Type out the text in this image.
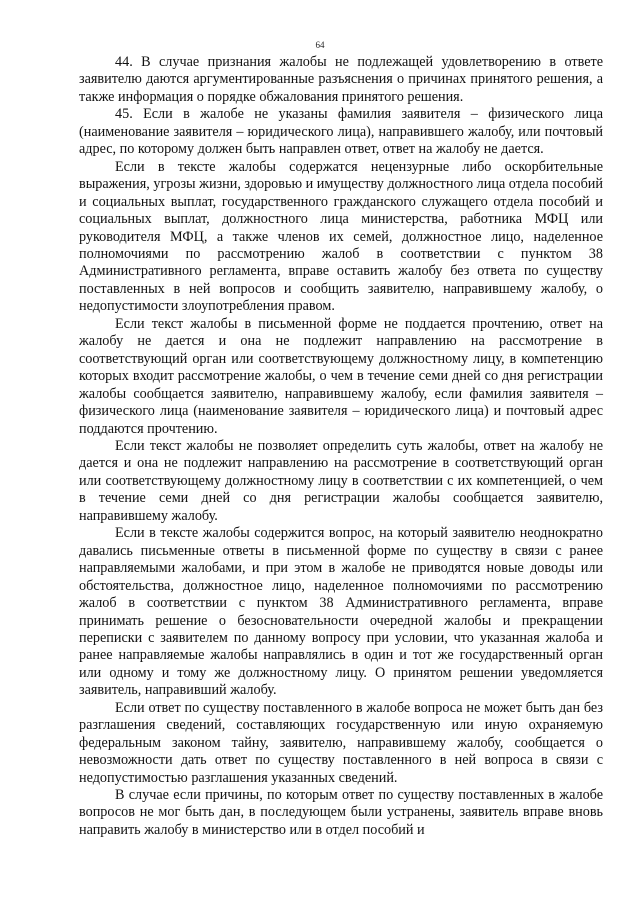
64

44. В случае признания жалобы не подлежащей удовлетворению в ответе заявителю даются аргументированные разъяснения о причинах принятого решения, а также информация о порядке обжалования принятого решения.

45. Если в жалобе не указаны фамилия заявителя – физического лица (наименование заявителя – юридического лица), направившего жалобу, или почтовый адрес, по которому должен быть направлен ответ, ответ на жалобу не дается.

Если в тексте жалобы содержатся нецензурные либо оскорбительные выражения, угрозы жизни, здоровью и имуществу должностного лица отдела пособий и социальных выплат, государственного гражданского служащего отдела пособий и социальных выплат, должностного лица министерства, работника МФЦ или руководителя МФЦ, а также членов их семей, должностное лицо, наделенное полномочиями по рассмотрению жалоб в соответствии с пунктом 38 Административного регламента, вправе оставить жалобу без ответа по существу поставленных в ней вопросов и сообщить заявителю, направившему жалобу, о недопустимости злоупотребления правом.

Если текст жалобы в письменной форме не поддается прочтению, ответ на жалобу не дается и она не подлежит направлению на рассмотрение в соответствующий орган или соответствующему должностному лицу, в компетенцию которых входит рассмотрение жалобы, о чем в течение семи дней со дня регистрации жалобы сообщается заявителю, направившему жалобу, если фамилия заявителя – физического лица (наименование заявителя – юридического лица) и почтовый адрес поддаются прочтению.

Если текст жалобы не позволяет определить суть жалобы, ответ на жалобу не дается и она не подлежит направлению на рассмотрение в соответствующий орган или соответствующему должностному лицу в соответствии с их компетенцией, о чем в течение семи дней со дня регистрации жалобы сообщается заявителю, направившему жалобу.

Если в тексте жалобы содержится вопрос, на который заявителю неоднократно давались письменные ответы в письменной форме по существу в связи с ранее направляемыми жалобами, и при этом в жалобе не приводятся новые доводы или обстоятельства, должностное лицо, наделенное полномочиями по рассмотрению жалоб в соответствии с пунктом 38 Административного регламента, вправе принимать решение о безосновательности очередной жалобы и прекращении переписки с заявителем по данному вопросу при условии, что указанная жалоба и ранее направляемые жалобы направлялись в один и тот же государственный орган или одному и тому же должностному лицу. О принятом решении уведомляется заявитель, направивший жалобу.

Если ответ по существу поставленного в жалобе вопроса не может быть дан без разглашения сведений, составляющих государственную или иную охраняемую федеральным законом тайну, заявителю, направившему жалобу, сообщается о невозможности дать ответ по существу поставленного в ней вопроса в связи с недопустимостью разглашения указанных сведений.

В случае если причины, по которым ответ по существу поставленных в жалобе вопросов не мог быть дан, в последующем были устранены, заявитель вправе вновь направить жалобу в министерство или в отдел пособий и
